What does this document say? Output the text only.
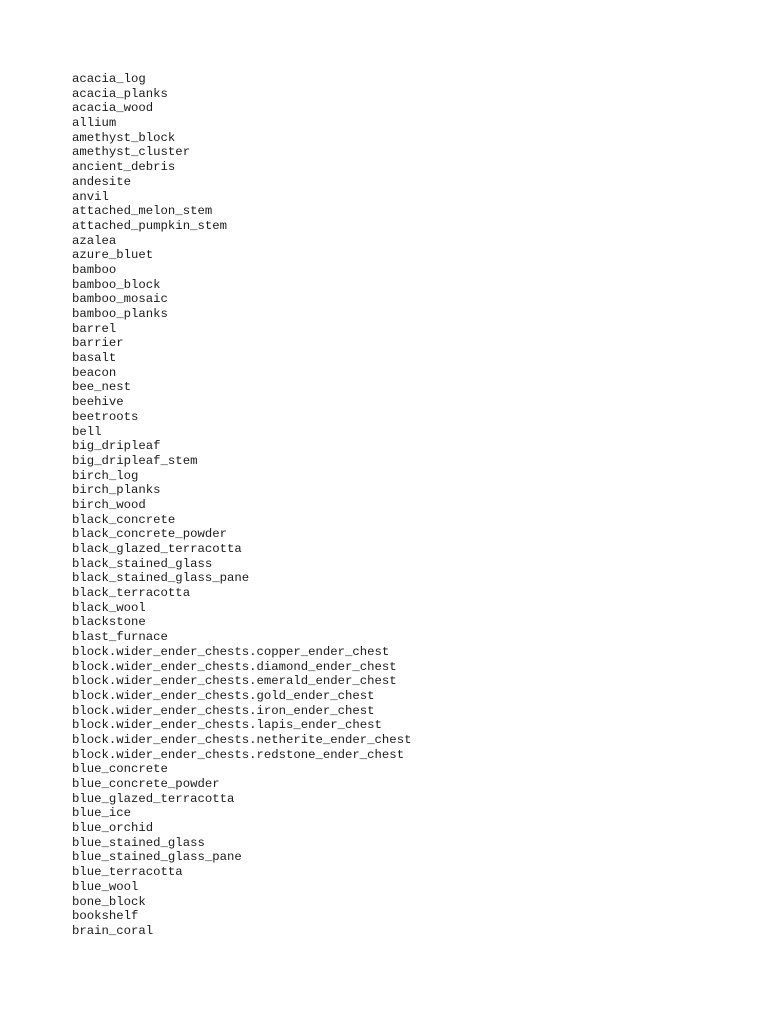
acacia_log
acacia_planks
acacia_wood
allium
amethyst_block
amethyst_cluster
ancient_debris
andesite
anvil
attached_melon_stem
attached_pumpkin_stem
azalea
azure_bluet
bamboo
bamboo_block
bamboo_mosaic
bamboo_planks
barrel
barrier
basalt
beacon
bee_nest
beehive
beetroots
bell
big_dripleaf
big_dripleaf_stem
birch_log
birch_planks
birch_wood
black_concrete
black_concrete_powder
black_glazed_terracotta
black_stained_glass
black_stained_glass_pane
black_terracotta
black_wool
blackstone
blast_furnace
block.wider_ender_chests.copper_ender_chest
block.wider_ender_chests.diamond_ender_chest
block.wider_ender_chests.emerald_ender_chest
block.wider_ender_chests.gold_ender_chest
block.wider_ender_chests.iron_ender_chest
block.wider_ender_chests.lapis_ender_chest
block.wider_ender_chests.netherite_ender_chest
block.wider_ender_chests.redstone_ender_chest
blue_concrete
blue_concrete_powder
blue_glazed_terracotta
blue_ice
blue_orchid
blue_stained_glass
blue_stained_glass_pane
blue_terracotta
blue_wool
bone_block
bookshelf
brain_coral
